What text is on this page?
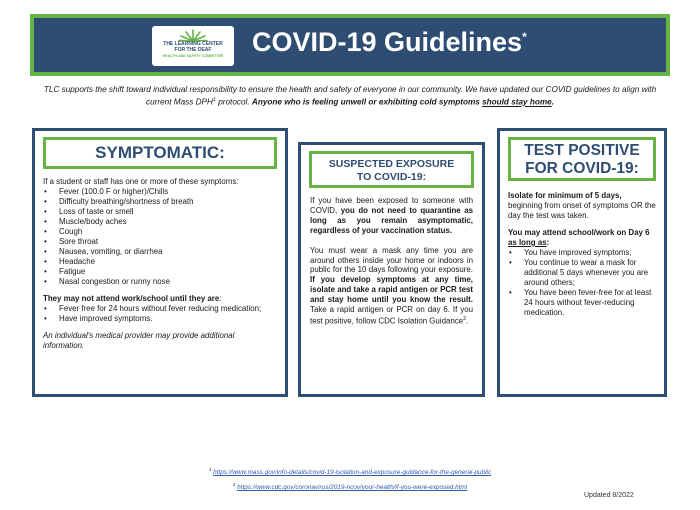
THE LEARNING CENTER
FOR THE DEAF
HEALTH AND SAFETY COMMITTEE	COVID-19 Guidelines*
TLC supports the shift toward individual responsibility to ensure the health and safety of everyone in our community. We have updated our COVID guidelines to align with current Mass DPH$^1$ protocol. Anyone who is feeling unwell or exhibiting cold symptoms should stay home.
SYMPTOMATIC:
If a student or staff has one or more of these symptoms:
• Fever (100.0 F or higher)/Chills
• Difficulty breathing/shortness of breath
• Loss of taste or smell
• Muscle/body aches
• Cough
• Sore throat
• Nausea, vomiting, or diarrhea
• Headache
• Fatigue
• Nasal congestion or runny nose
They may not attend work/school until they are:
• Fever free for 24 hours without fever reducing medication;
• Have improved symptoms.
An individual's medical provider may provide additional information.
SUSPECTED EXPOSURE
TO COVID-19:

If you have been exposed to someone with COVID, you do not need to quarantine as long as you remain asymptomatic, regardless of your vaccination status.

You must wear a mask any time you are around others inside your home or indoors in public for the 10 days following your exposure. If you develop symptoms at any time, isolate and take a rapid antigen or PCR test and stay home until you know the result. Take a rapid antigen or PCR on day 6. If you test positive, follow CDC Isolation Guidance$^2$.

TEST POSITIVE
FOR COVID-19:

Isolate for minimum of 5 days, beginning from onset of symptoms OR the day the test was taken.

You may attend school/work on Day 6 as long as:

• You have improved symptoms;
• You continue to wear a mask for additional 5 days whenever you are around others;
• You have been fever-free for at least 24 hours without fever-reducing medication.
$^1$ https://www.mass.gov/info-details/covid-19-isolation-and-exposure-guidance-for-the-general-public
$^2$ https://www.cdc.gov/coronavirus/2019-ncov/your-health/if-you-were-exposed.html
Updated 8/2022
